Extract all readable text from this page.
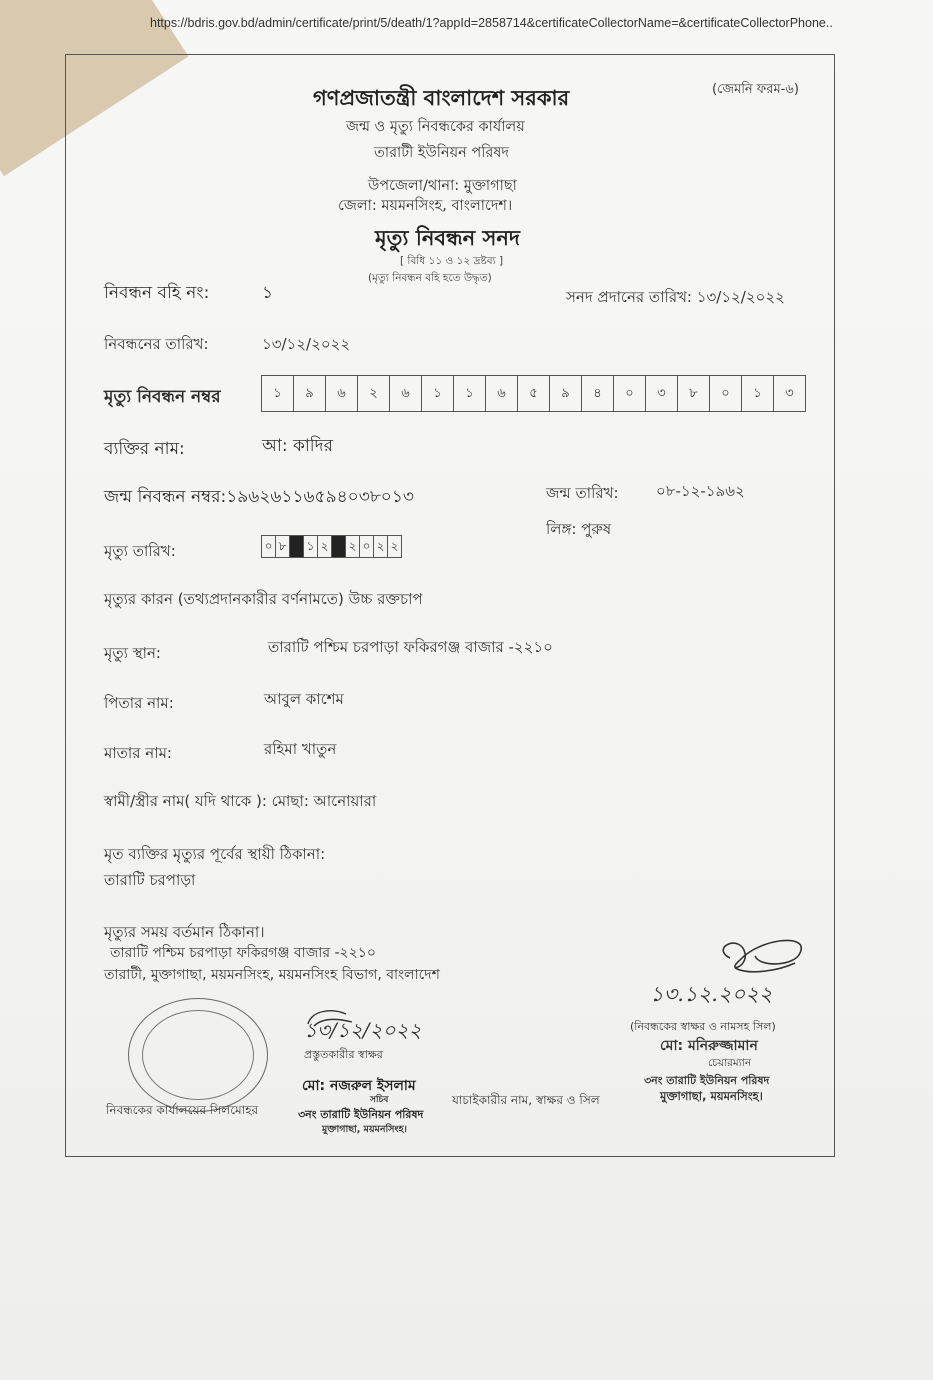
https://bdris.gov.bd/admin/certificate/print/5/death/1?appId=2858714&certificateCollectorName=&certificateCollectorPhone..
গণপ্রজাতন্ত্রী বাংলাদেশ সরকার	(জেমনি ফরম-৬)
জন্ম ও মৃত্যু নিবন্ধকের কার্যালয়
তারাটী ইউনিয়ন পরিষদ
উপজেলা/থানা: মুক্তাগাছা
জেলা: ময়মনসিংহ, বাংলাদেশ।
মৃত্যু নিবন্ধন সনদ
[ বিধি ১১ ও ১২ দ্রষ্টব্য ]
(মৃত্যু নিবন্ধন বহি হতে উদ্ধৃত)
নিবন্ধন বহি নং:	১	সনদ প্রদানের তারিখ: ১৩/১২/২০২২
নিবন্ধনের তারিখ:	১৩/১২/২০২২
মৃত্যু নিবন্ধন নম্বর	১	৯	৬	২	৬	১	১	৬	৫	৯	৪	০	৩	৮	০	১	৩
ব্যক্তির নাম:	আ: কাদির
জন্ম নিবন্ধন নম্বর:১৯৬২৬১১৬৫৯৪০৩৮০১৩	জন্ম তারিখ: ০৮-১২-১৯৬২
লিঙ্গ: পুরুষ
মৃত্যু তারিখ:	০ ৮	১ ২ ২ ০ ২ ২
মৃত্যুর কারন (তথ্যপ্রদানকারীর বর্ণনামতে) উচ্চ রক্তচাপ
মৃত্যু স্থান:	তারাটি পশ্চিম চরপাড়া ফকিরগঞ্জ বাজার -২২১০
পিতার নাম:	আবুল কাশেম
মাতার নাম:	রহিমা খাতুন
স্বামী/স্ত্রীর নাম( যদি থাকে ): মোছা: আনোয়ারা
মৃত ব্যক্তির মৃত্যুর পূর্বের স্থায়ী ঠিকানা:
তারাটি চরপাড়া
মৃত্যুর সময় বর্তমান ঠিকানা।
তারাটি পশ্চিম চরপাড়া ফকিরগঞ্জ বাজার -২২১০
তারাটী, মুক্তাগাছা, ময়মনসিংহ, ময়মনসিংহ বিভাগ, বাংলাদেশ
১৩.১২.২০২২
(নিবন্ধকের স্বাক্ষর ও নামসহ সিল)
মো: মনিরুজ্জামান
চেয়ারম্যান
৩নং তারাটি ইউনিয়ন পরিষদ
মুক্তাগাছা, ময়মনসিংহ।
১৩/১২/২০২২
প্রস্তুতকারীর স্বাক্ষর
মো: নজরুল ইসলাম
সচিব
৩নং তারাটি ইউনিয়ন পরিষদ
মুক্তাগাছা, ময়মনসিংহ।
যাচাইকারীর নাম, স্বাক্ষর ও সিল
নিবন্ধকের কার্যালয়ের সিলমোহর
